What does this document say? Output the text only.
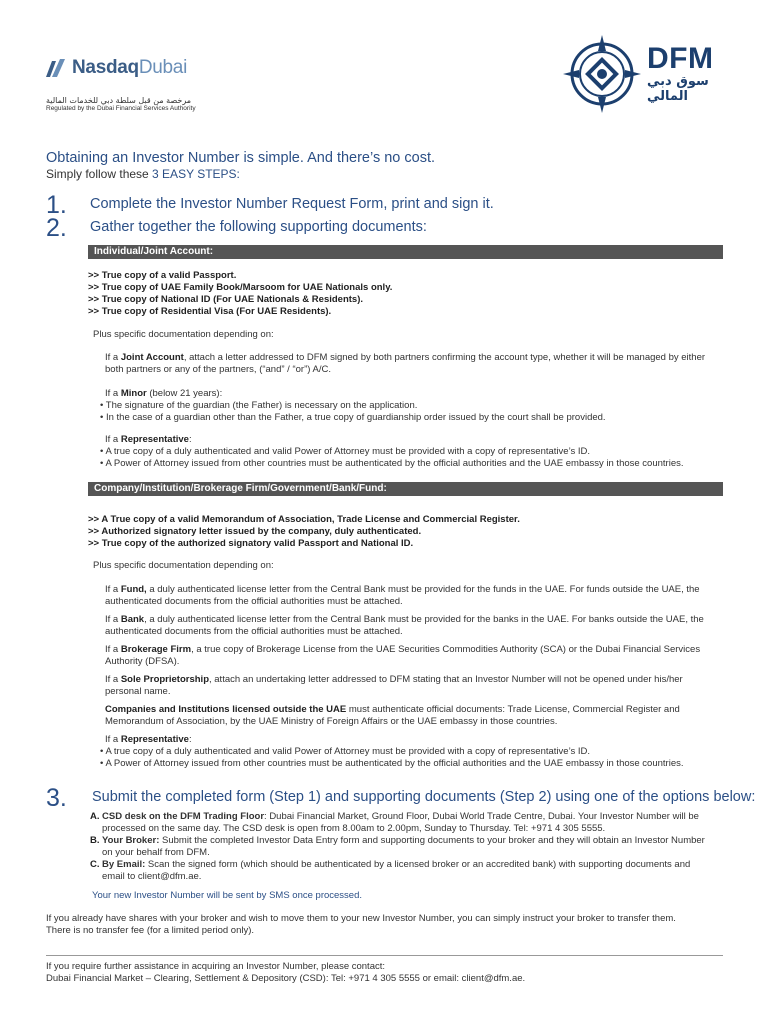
NasdaqDubai
مرخصة من قبل سلطة دبي للخدمات المالية
Regulated by the Dubai Financial Services Authority
DFM
سوق دبي المالي
Obtaining an Investor Number is simple. And there’s no cost.
Simply follow these 3 EASY STEPS:
1. Complete the Investor Number Request Form, print and sign it.
2. Gather together the following supporting documents:
Individual/Joint Account:
>> True copy of a valid Passport.
>> True copy of UAE Family Book/Marsoom for UAE Nationals only.
>> True copy of National ID (For UAE Nationals & Residents).
>> True copy of Residential Visa (For UAE Residents).
Plus specific documentation depending on:
If a Joint Account, attach a letter addressed to DFM signed by both partners confirming the account type, whether it will be managed by either both partners or any of the partners, (“and” / “or”) A/C.
If a Minor (below 21 years):
• The signature of the guardian (the Father) is necessary on the application.
• In the case of a guardian other than the Father, a true copy of guardianship order issued by the court shall be provided.
If a Representative:
• A true copy of a duly authenticated and valid Power of Attorney must be provided with a copy of representative’s ID.
• A Power of Attorney issued from other countries must be authenticated by the official authorities and the UAE embassy in those countries.
Company/Institution/Brokerage Firm/Government/Bank/Fund:
>> A True copy of a valid Memorandum of Association, Trade License and Commercial Register.
>> Authorized signatory letter issued by the company, duly authenticated.
>> True copy of the authorized signatory valid Passport and National ID.
Plus specific documentation depending on:
If a Fund, a duly authenticated license letter from the Central Bank must be provided for the funds in the UAE. For funds outside the UAE, the authenticated documents from the official authorities must be attached.
If a Bank, a duly authenticated license letter from the Central Bank must be provided for the banks in the UAE. For banks outside the UAE, the authenticated documents from the official authorities must be attached.
If a Brokerage Firm, a true copy of Brokerage License from the UAE Securities Commodities Authority (SCA) or the Dubai Financial Services Authority (DFSA).
If a Sole Proprietorship, attach an undertaking letter addressed to DFM stating that an Investor Number will not be opened under his/her personal name.
Companies and Institutions licensed outside the UAE must authenticate official documents: Trade License, Commercial Register and Memorandum of Association, by the UAE Ministry of Foreign Affairs or the UAE embassy in those countries.
If a Representative:
• A true copy of a duly authenticated and valid Power of Attorney must be provided with a copy of representative’s ID.
• A Power of Attorney issued from other countries must be authenticated by the official authorities and the UAE embassy in those countries.
3. Submit the completed form (Step 1) and supporting documents (Step 2) using one of the options below:
A. CSD desk on the DFM Trading Floor: Dubai Financial Market, Ground Floor, Dubai World Trade Centre, Dubai. Your Investor Number will be processed on the same day. The CSD desk is open from 8.00am to 2.00pm, Sunday to Thursday. Tel: +971 4 305 5555.
B. Your Broker: Submit the completed Investor Data Entry form and supporting documents to your broker and they will obtain an Investor Number on your behalf from DFM.
C. By Email: Scan the signed form (which should be authenticated by a licensed broker or an accredited bank) with supporting documents and email to client@dfm.ae.
Your new Investor Number will be sent by SMS once processed.
If you already have shares with your broker and wish to move them to your new Investor Number, you can simply instruct your broker to transfer them.
There is no transfer fee (for a limited period only).
If you require further assistance in acquiring an Investor Number, please contact:
Dubai Financial Market – Clearing, Settlement & Depository (CSD): Tel: +971 4 305 5555 or email: client@dfm.ae.
